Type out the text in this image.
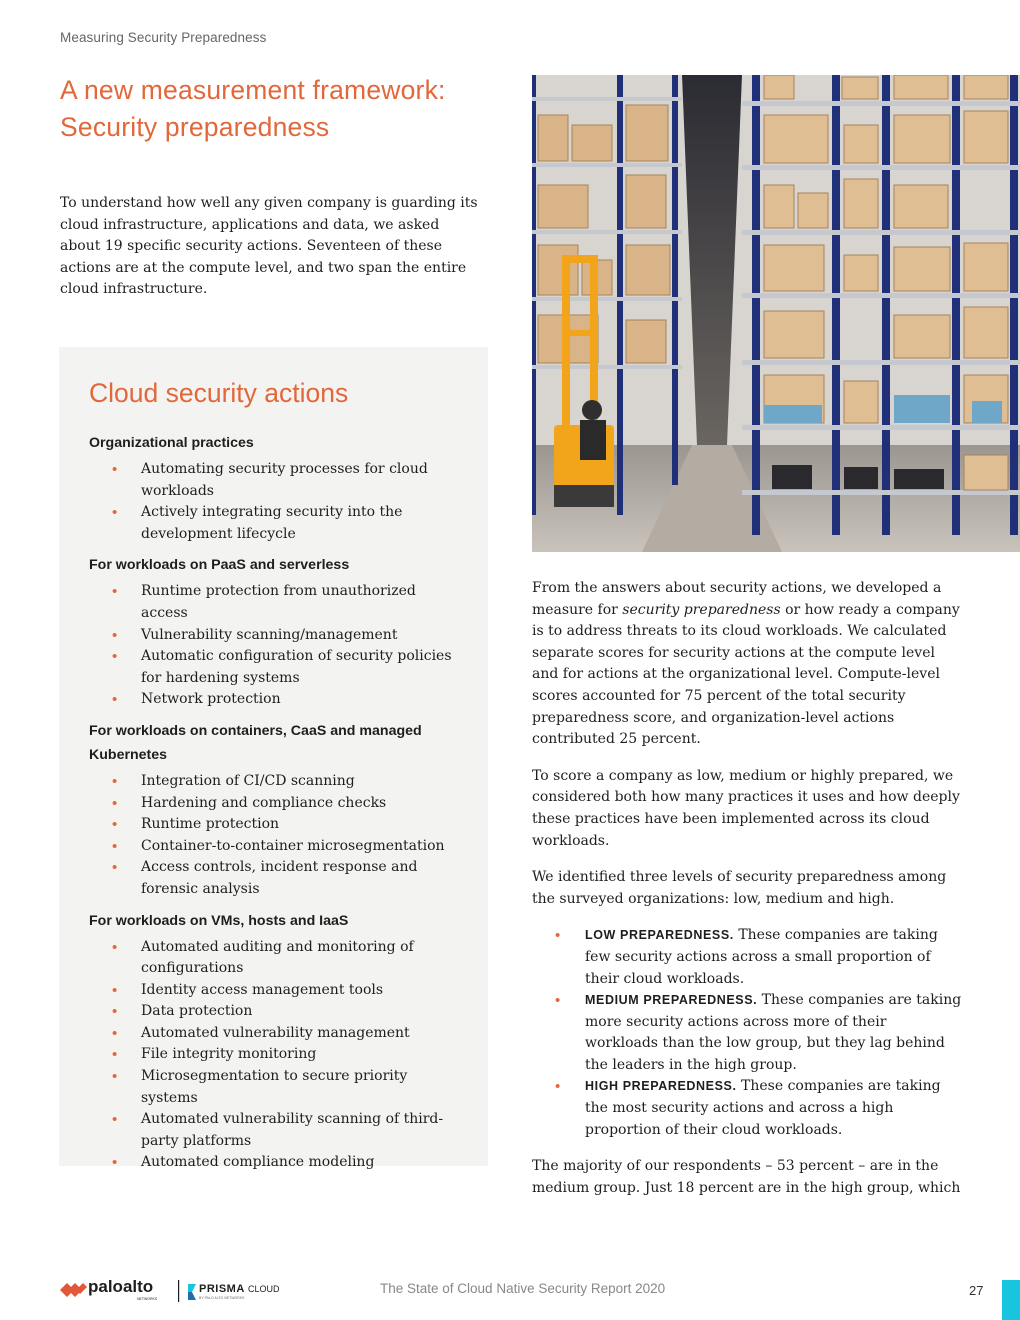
Measuring Security Preparedness
A new measurement framework: Security preparedness

To understand how well any given company is guarding its cloud infrastructure, applications and data, we asked about 19 specific security actions. Seventeen of these actions are at the compute level, and two span the entire cloud infrastructure.

Cloud security actions
Organizational practices
• Automating security processes for cloud workloads
• Actively integrating security into the development lifecycle
For workloads on PaaS and serverless
• Runtime protection from unauthorized access
• Vulnerability scanning/management
• Automatic configuration of security policies for hardening systems
• Network protection
For workloads on containers, CaaS and managed Kubernetes
• Integration of CI/CD scanning
• Hardening and compliance checks
• Runtime protection
• Container-to-container microsegmentation
• Access controls, incident response and forensic analysis
For workloads on VMs, hosts and IaaS
• Automated auditing and monitoring of configurations
• Identity access management tools
• Data protection
• Automated vulnerability management
• File integrity monitoring
• Microsegmentation to secure priority systems
• Automated vulnerability scanning of third-party platforms
• Automated compliance modeling

From the answers about security actions, we developed a measure for security preparedness or how ready a company is to address threats to its cloud workloads. We calculated separate scores for security actions at the compute level and for actions at the organizational level. Compute-level scores accounted for 75 percent of the total security preparedness score, and organization-level actions contributed 25 percent.

To score a company as low, medium or highly prepared, we considered both how many practices it uses and how deeply these practices have been implemented across its cloud workloads.

We identified three levels of security preparedness among the surveyed organizations: low, medium and high.

• LOW PREPAREDNESS. These companies are taking few security actions across a small proportion of their cloud workloads.
• MEDIUM PREPAREDNESS. These companies are taking more security actions across more of their workloads than the low group, but they lag behind the leaders in the high group.
• HIGH PREPAREDNESS. These companies are taking the most security actions and across a high proportion of their cloud workloads.

The majority of our respondents – 53 percent – are in the medium group. Just 18 percent are in the high group, which

paloalto
NETWORKS
PRISMA CLOUD
BY PALO ALTO NETWORKS
The State of Cloud Native Security Report 2020	27
